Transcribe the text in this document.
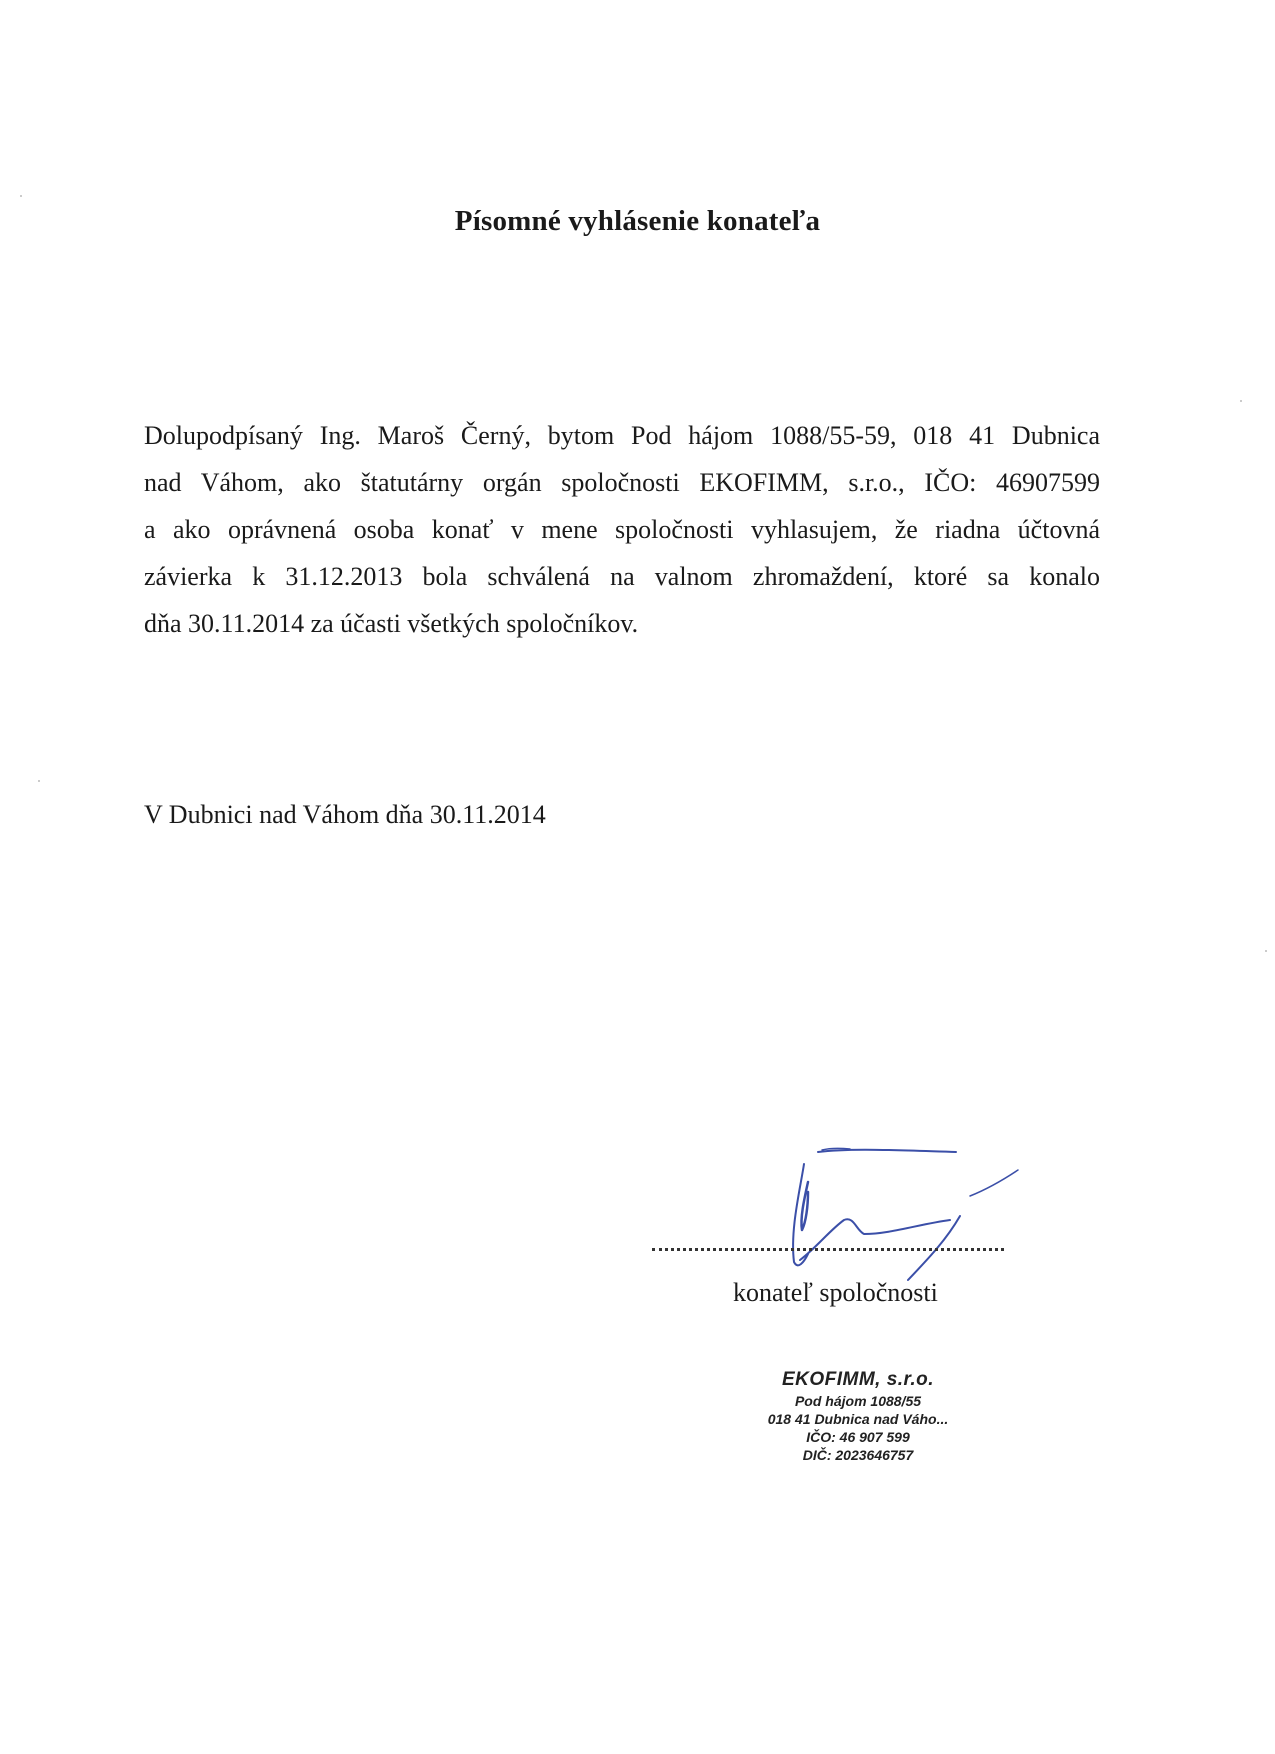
Písomné vyhlásenie konateľa

Dolupodpísaný Ing. Maroš Černý, bytom Pod hájom 1088/55-59, 018 41 Dubnica
nad Váhom, ako štatutárny orgán spoločnosti EKOFIMM, s.r.o., IČO: 46907599
a ako oprávnená osoba konať v mene spoločnosti vyhlasujem, že riadna účtovná
závierka k 31.12.2013 bola schválená na valnom zhromaždení, ktoré sa konalo
dňa 30.11.2014 za účasti všetkých spoločníkov.

V Dubnici nad Váhom dňa 30.11.2014

konateľ spoločnosti

EKOFIMM, s.r.o.
Pod hájom 1088/55
018 41 Dubnica nad Váho...
IČO: 46 907 599
DIČ: 2023646757
